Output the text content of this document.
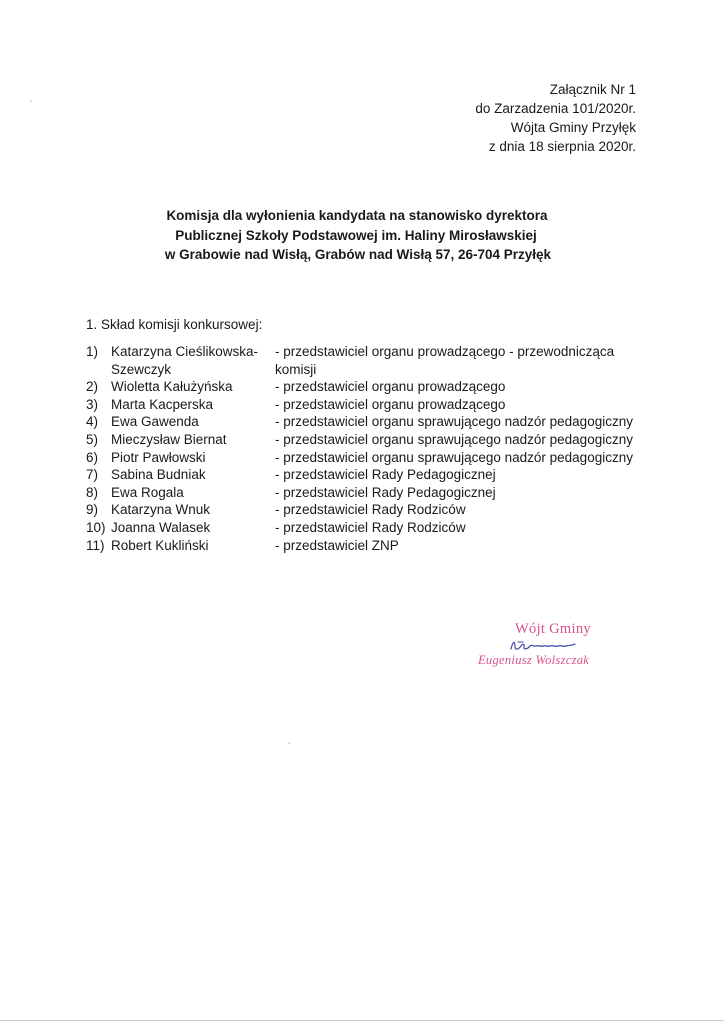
Załącznik Nr 1
do Zarzadzenia 101/2020r.
Wójta Gminy Przyłęk
z dnia 18 sierpnia 2020r.
Komisja dla wyłonienia kandydata na stanowisko dyrektora
Publicznej Szkoły Podstawowej im. Haliny Mirosławskiej
w Grabowie nad Wisłą, Grabów nad Wisłą 57, 26-704 Przyłęk
1. Skład komisji konkursowej:
1) Katarzyna Cieślikowska-Szewczyk
- przedstawiciel organu prowadzącego - przewodnicząca komisji
2) Wioletta Kałużyńska	- przedstawiciel organu prowadzącego
3) Marta Kacperska	- przedstawiciel organu prowadzącego
4) Ewa Gawenda	- przedstawiciel organu sprawującego nadzór pedagogiczny
5) Mieczysław Biernat	- przedstawiciel organu sprawującego nadzór pedagogiczny
6) Piotr Pawłowski	- przedstawiciel organu sprawującego nadzór pedagogiczny
7) Sabina Budniak	- przedstawiciel Rady Pedagogicznej
8) Ewa Rogala	- przedstawiciel Rady Pedagogicznej
9) Katarzyna Wnuk	- przedstawiciel Rady Rodziców
10) Joanna Walasek	- przedstawiciel Rady Rodziców
11) Robert Kukliński	- przedstawiciel ZNP
Wójt Gminy
Eugeniusz Wolszczak
